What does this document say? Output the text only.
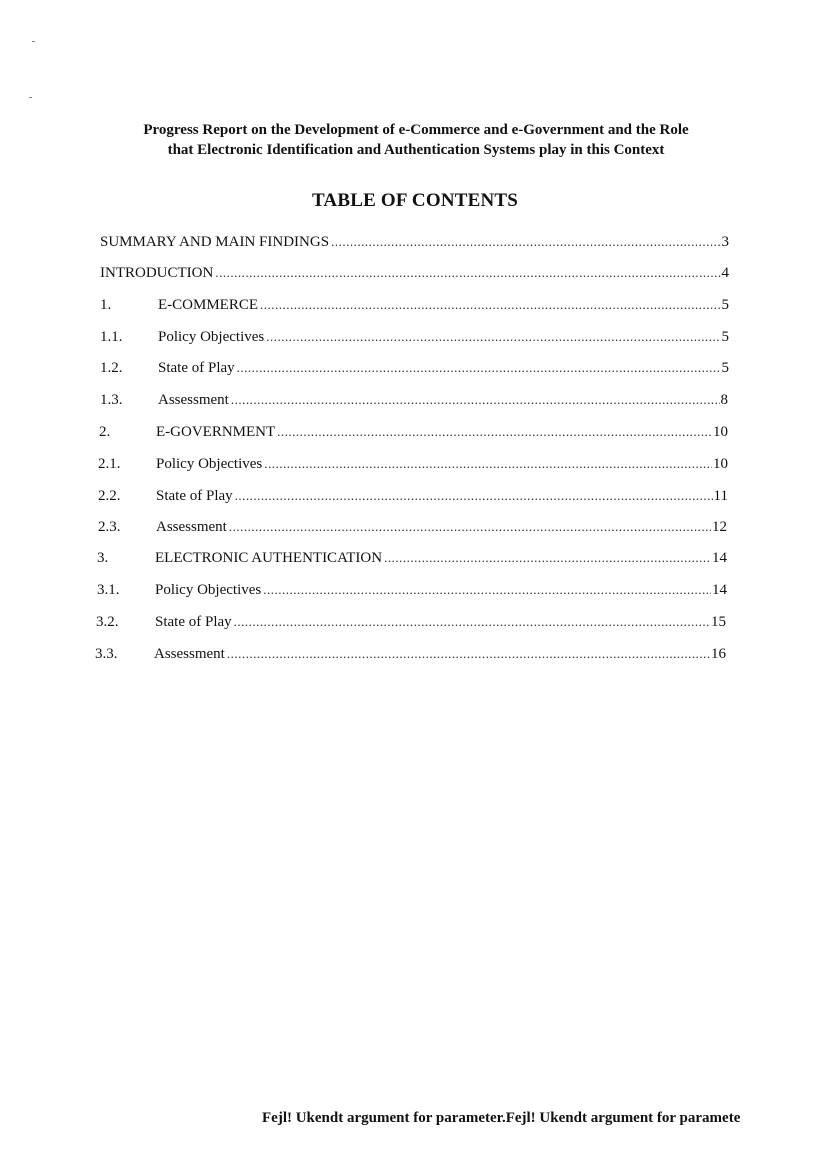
Progress Report on the Development of e-Commerce and e-Government and the Role
that Electronic Identification and Authentication Systems play in this Context
TABLE OF CONTENTS
SUMMARY AND MAIN FINDINGS .....	3
INTRODUCTION .....	4
1.	E-COMMERCE .....	5
1.1.	Policy Objectives .....	5
1.2.	State of Play .....	5
1.3.	Assessment .....	8
2.	E-GOVERNMENT .....	10
2.1.	Policy Objectives .....	10
2.2.	State of Play .....	11
2.3.	Assessment .....	12
3.	ELECTRONIC AUTHENTICATION .....	14
3.1.	Policy Objectives .....	14
3.2.	State of Play .....	15
3.3.	Assessment .....	16
Fejl! Ukendt argument for parameter.Fejl! Ukendt argument for paramete
